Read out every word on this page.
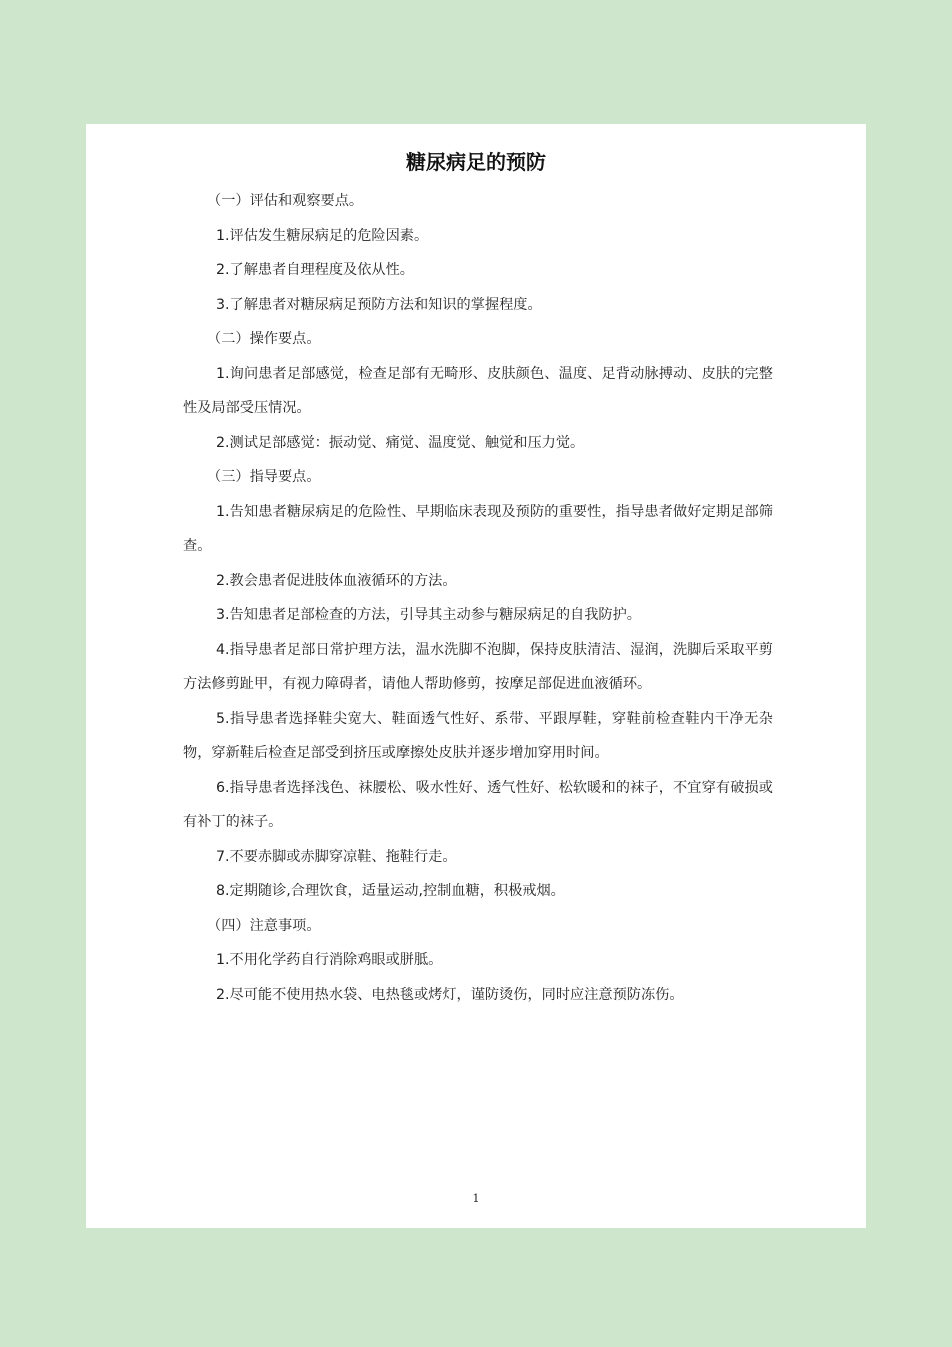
糖尿病足的预防

（一）评估和观察要点。

1.评估发生糖尿病足的危险因素。

2.了解患者自理程度及依从性。

3.了解患者对糖尿病足预防方法和知识的掌握程度。

（二）操作要点。

1.询问患者足部感觉，检查足部有无畸形、皮肤颜色、温度、足背动脉搏动、皮肤的完整性及局部受压情况。

2.测试足部感觉：振动觉、痛觉、温度觉、触觉和压力觉。

（三）指导要点。

1.告知患者糖尿病足的危险性、早期临床表现及预防的重要性，指导患者做好定期足部筛查。

2.教会患者促进肢体血液循环的方法。

3.告知患者足部检查的方法，引导其主动参与糖尿病足的自我防护。

4.指导患者足部日常护理方法，温水洗脚不泡脚，保持皮肤清洁、湿润，洗脚后采取平剪方法修剪趾甲，有视力障碍者，请他人帮助修剪，按摩足部促进血液循环。

5.指导患者选择鞋尖宽大、鞋面透气性好、系带、平跟厚鞋，穿鞋前检查鞋内干净无杂物，穿新鞋后检查足部受到挤压或摩擦处皮肤并逐步增加穿用时间。

6.指导患者选择浅色、袜腰松、吸水性好、透气性好、松软暖和的袜子，不宜穿有破损或有补丁的袜子。

7.不要赤脚或赤脚穿凉鞋、拖鞋行走。

8.定期随诊,合理饮食，适量运动,控制血糖，积极戒烟。

（四）注意事项。

1.不用化学药自行消除鸡眼或胼胝。

2.尽可能不使用热水袋、电热毯或烤灯，谨防烫伤，同时应注意预防冻伤。

1
